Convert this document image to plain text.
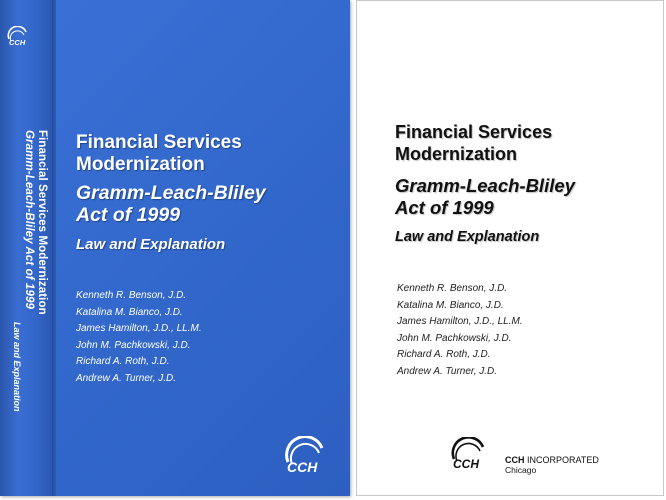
CCH
Financial Services Modernization
Gramm-Leach-Bliley Act of 1999
Law and Explanation
Financial Services
Modernization
Gramm-Leach-Bliley
Act of 1999
Law and Explanation
Kenneth R. Benson, J.D.
Katalina M. Bianco, J.D.
James Hamilton, J.D., LL.M.
John M. Pachkowski, J.D.
Richard A. Roth, J.D.
Andrew A. Turner, J.D.
CCH
Financial Services
Modernization
Gramm-Leach-Bliley
Act of 1999
Law and Explanation
Kenneth R. Benson, J.D.
Katalina M. Bianco, J.D.
James Hamilton, J.D., LL.M.
John M. Pachkowski, J.D.
Richard A. Roth, J.D.
Andrew A. Turner, J.D.
CCH	CCH INCORPORATED
Chicago
